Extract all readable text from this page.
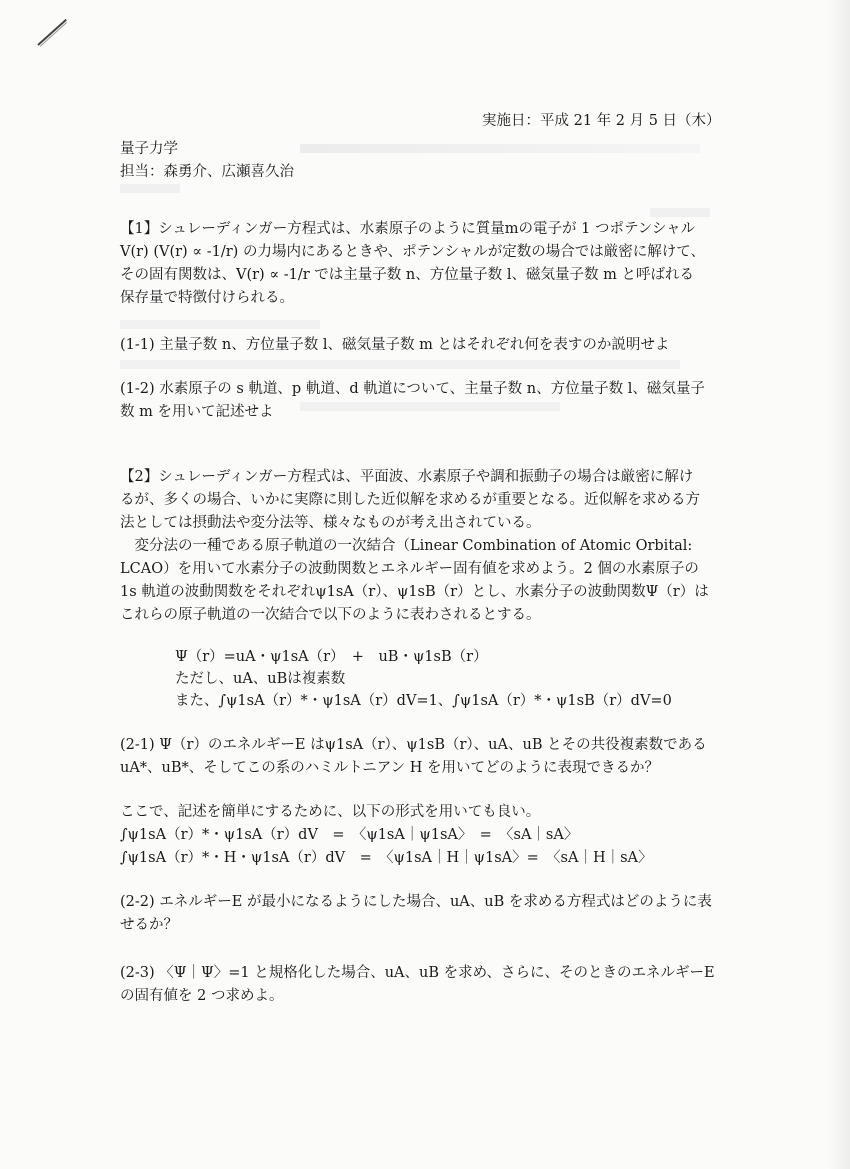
実施日：平成 21 年 2 月 5 日（木）
量子力学
担当：森勇介、広瀬喜久治
【1】シュレーディンガー方程式は、水素原子のように質量mの電子が 1 つポテンシャル
V(r) (V(r) ∝ -1/r) の力場内にあるときや、ポテンシャルが定数の場合では厳密に解けて、
その固有関数は、V(r) ∝ -1/r では主量子数 n、方位量子数 l、磁気量子数 m と呼ばれる
保存量で特徴付けられる。
(1-1) 主量子数 n、方位量子数 l、磁気量子数 m とはそれぞれ何を表すのか説明せよ
(1-2) 水素原子の s 軌道、p 軌道、d 軌道について、主量子数 n、方位量子数 l、磁気量子
数 m を用いて記述せよ
【2】シュレーディンガー方程式は、平面波、水素原子や調和振動子の場合は厳密に解け
るが、多くの場合、いかに実際に則した近似解を求めるが重要となる。近似解を求める方
法としては摂動法や変分法等、様々なものが考え出されている。
　変分法の一種である原子軌道の一次結合（Linear Combination of Atomic Orbital:
LCAO）を用いて水素分子の波動関数とエネルギー固有値を求めよう。2 個の水素原子の
1s 軌道の波動関数をそれぞれψ1sA（r）、ψ1sB（r）とし、水素分子の波動関数Ψ（r）は
これらの原子軌道の一次結合で以下のように表わされるとする。
Ψ（r）=uA・ψ1sA（r）　+　uB・ψ1sB（r）
ただし、uA、uBは複素数
また、∫ψ1sA（r）*・ψ1sA（r）dV=1、∫ψ1sA（r）*・ψ1sB（r）dV=0
(2-1) Ψ（r）のエネルギーE はψ1sA（r）、ψ1sB（r）、uA、uB とその共役複素数である
uA*、uB*、そしてこの系のハミルトニアン H を用いてどのように表現できるか？
ここで、記述を簡単にするために、以下の形式を用いても良い。
∫ψ1sA（r）*・ψ1sA（r）dV　=　〈ψ1sA｜ψ1sA〉　=　〈sA｜sA〉
∫ψ1sA（r）*・H・ψ1sA（r）dV　=　〈ψ1sA｜H｜ψ1sA〉=　〈sA｜H｜sA〉
(2-2) エネルギーE が最小になるようにした場合、uA、uB を求める方程式はどのように表
せるか？
(2-3) 〈Ψ｜Ψ〉=1 と規格化した場合、uA、uB を求め、さらに、そのときのエネルギーE
の固有値を 2 つ求めよ。
